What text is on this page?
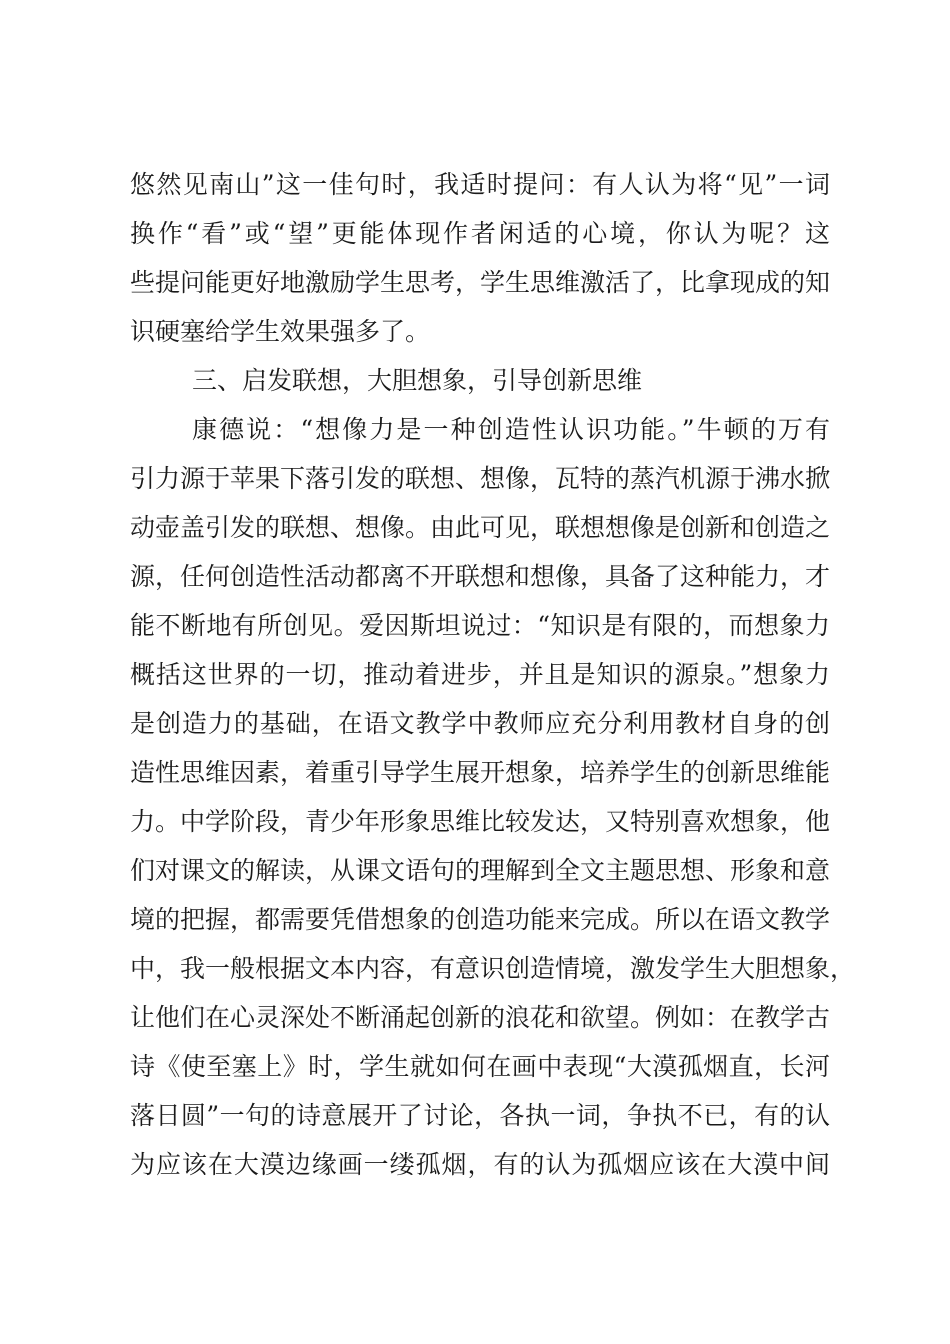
悠然见南山”这一佳句时，我适时提问：有人认为将“见”一词
换作“看”或“望”更能体现作者闲适的心境，你认为呢？这
些提问能更好地激励学生思考，学生思维激活了，比拿现成的知
识硬塞给学生效果强多了。
三、启发联想，大胆想象，引导创新思维
康德说：“想像力是一种创造性认识功能。”牛顿的万有
引力源于苹果下落引发的联想、想像，瓦特的蒸汽机源于沸水掀
动壶盖引发的联想、想像。由此可见，联想想像是创新和创造之
源，任何创造性活动都离不开联想和想像，具备了这种能力，才
能不断地有所创见。爱因斯坦说过：“知识是有限的，而想象力
概括这世界的一切，推动着进步，并且是知识的源泉。”想象力
是创造力的基础，在语文教学中教师应充分利用教材自身的创
造性思维因素，着重引导学生展开想象，培养学生的创新思维能
力。中学阶段，青少年形象思维比较发达，又特别喜欢想象，他
们对课文的解读，从课文语句的理解到全文主题思想、形象和意
境的把握，都需要凭借想象的创造功能来完成。所以在语文教学
中，我一般根据文本内容，有意识创造情境，激发学生大胆想象，
让他们在心灵深处不断涌起创新的浪花和欲望。例如：在教学古
诗《使至塞上》时，学生就如何在画中表现“大漠孤烟直，长河
落日圆”一句的诗意展开了讨论，各执一词，争执不已，有的认
为应该在大漠边缘画一缕孤烟，有的认为孤烟应该在大漠中间
